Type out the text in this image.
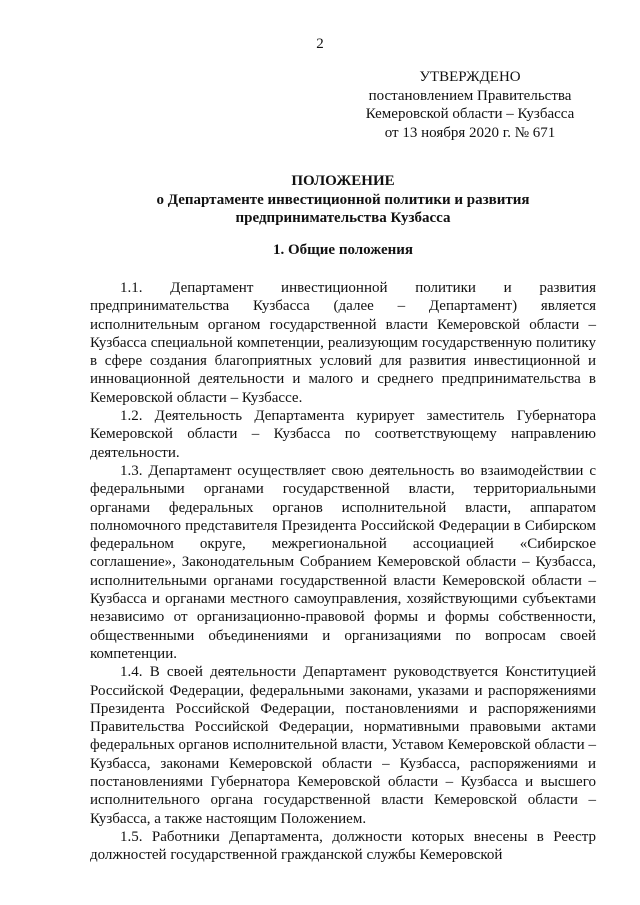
2
УТВЕРЖДЕНО
постановлением Правительства
Кемеровской области – Кузбасса
от 13 ноября 2020 г. № 671
ПОЛОЖЕНИЕ
о Департаменте инвестиционной политики и развития
предпринимательства Кузбасса
1. Общие положения

1.1. Департамент инвестиционной политики и развития предпринимательства Кузбасса (далее – Департамент) является исполнительным органом государственной власти Кемеровской области – Кузбасса специальной компетенции, реализующим государственную политику в сфере создания благоприятных условий для развития инвестиционной и инновационной деятельности и малого и среднего предпринимательства в Кемеровской области – Кузбассе.

1.2. Деятельность Департамента курирует заместитель Губернатора Кемеровской области – Кузбасса по соответствующему направлению деятельности.

1.3. Департамент осуществляет свою деятельность во взаимодействии с федеральными органами государственной власти, территориальными органами федеральных органов исполнительной власти, аппаратом полномочного представителя Президента Российской Федерации в Сибирском федеральном округе, межрегиональной ассоциацией «Сибирское соглашение», Законодательным Собранием Кемеровской области – Кузбасса, исполнительными органами государственной власти Кемеровской области – Кузбасса и органами местного самоуправления, хозяйствующими субъектами независимо от организационно-правовой формы и формы собственности, общественными объединениями и организациями по вопросам своей компетенции.

1.4. В своей деятельности Департамент руководствуется Конституцией Российской Федерации, федеральными законами, указами и распоряжениями Президента Российской Федерации, постановлениями и распоряжениями Правительства Российской Федерации, нормативными правовыми актами федеральных органов исполнительной власти, Уставом Кемеровской области – Кузбасса, законами Кемеровской области – Кузбасса, распоряжениями и постановлениями Губернатора Кемеровской области – Кузбасса и высшего исполнительного органа государственной власти Кемеровской области – Кузбасса, а также настоящим Положением.

1.5. Работники Департамента, должности которых внесены в Реестр должностей государственной гражданской службы Кемеровской
